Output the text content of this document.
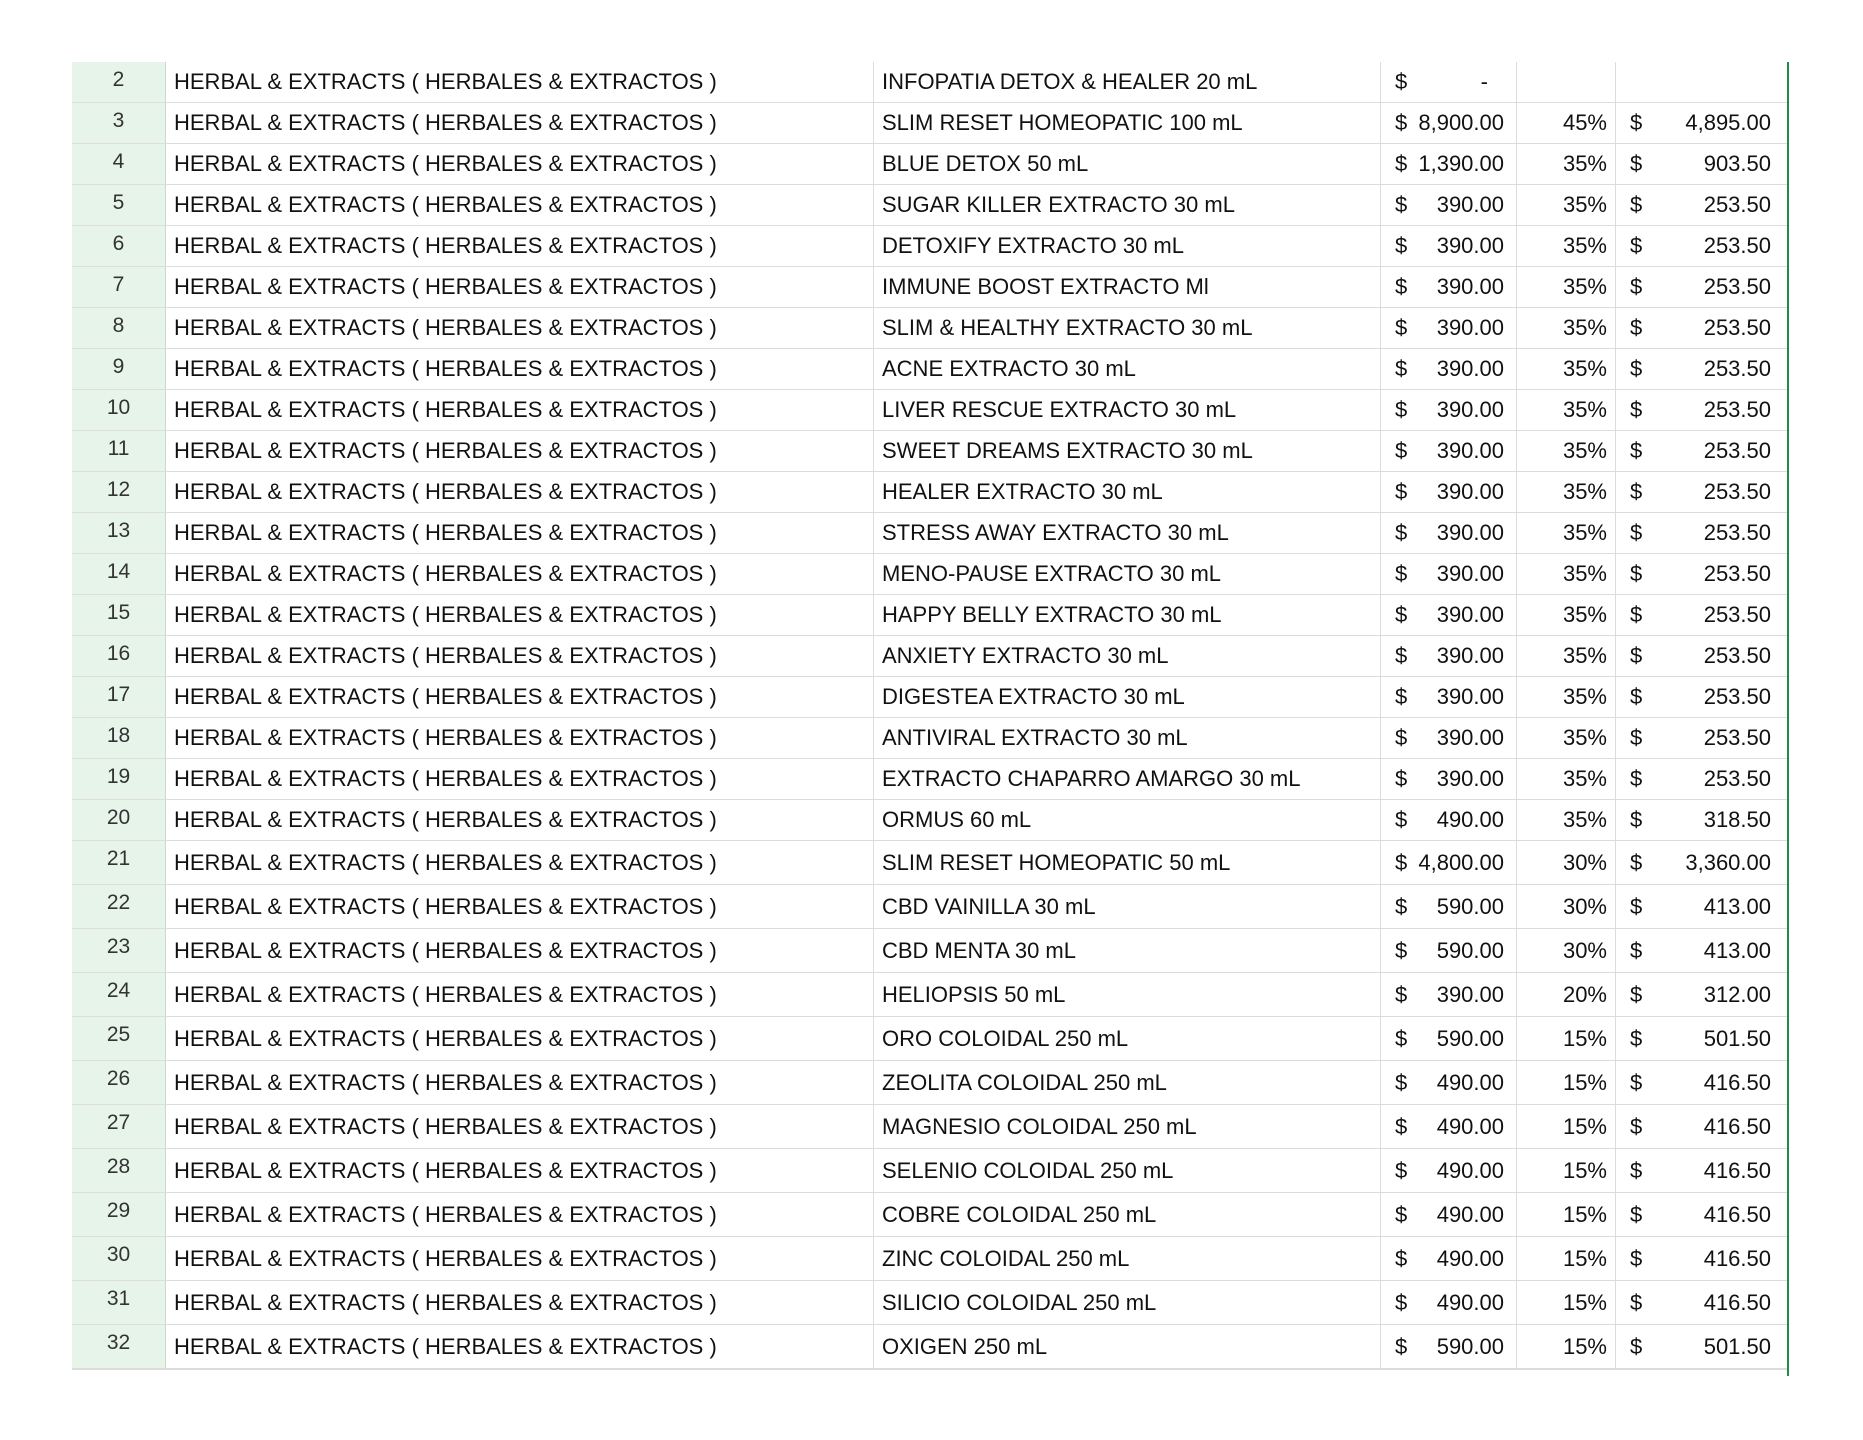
2	HERBAL & EXTRACTS ( HERBALES & EXTRACTOS )	INFOPATIA DETOX & HEALER 20 mL	$	-
3	HERBAL & EXTRACTS ( HERBALES & EXTRACTOS )	SLIM RESET HOMEOPATIC 100 mL	$ 8,900.00	45%	$ 4,895.00
4	HERBAL & EXTRACTS ( HERBALES & EXTRACTOS )	BLUE DETOX 50 mL	$ 1,390.00	35%	$	903.50
5	HERBAL & EXTRACTS ( HERBALES & EXTRACTOS )	SUGAR KILLER EXTRACTO 30 mL	$ 390.00	35%	$	253.50
6	HERBAL & EXTRACTS ( HERBALES & EXTRACTOS )	DETOXIFY EXTRACTO 30 mL	$ 390.00	35%	$	253.50
7	HERBAL & EXTRACTS ( HERBALES & EXTRACTOS )	IMMUNE BOOST EXTRACTO Ml	$ 390.00	35%	$	253.50
8	HERBAL & EXTRACTS ( HERBALES & EXTRACTOS )	SLIM & HEALTHY EXTRACTO 30 mL	$ 390.00	35%	$	253.50
9	HERBAL & EXTRACTS ( HERBALES & EXTRACTOS )	ACNE EXTRACTO 30 mL	$ 390.00	35%	$	253.50
10	HERBAL & EXTRACTS ( HERBALES & EXTRACTOS )	LIVER RESCUE EXTRACTO 30 mL	$ 390.00	35%	$	253.50
11	HERBAL & EXTRACTS ( HERBALES & EXTRACTOS )	SWEET DREAMS EXTRACTO 30 mL	$ 390.00	35%	$	253.50
12	HERBAL & EXTRACTS ( HERBALES & EXTRACTOS )	HEALER EXTRACTO 30 mL	$ 390.00	35%	$	253.50
13	HERBAL & EXTRACTS ( HERBALES & EXTRACTOS )	STRESS AWAY EXTRACTO 30 mL	$ 390.00	35%	$	253.50
14	HERBAL & EXTRACTS ( HERBALES & EXTRACTOS )	MENO-PAUSE EXTRACTO 30 mL	$ 390.00	35%	$	253.50
15	HERBAL & EXTRACTS ( HERBALES & EXTRACTOS )	HAPPY BELLY EXTRACTO 30 mL	$ 390.00	35%	$	253.50
16	HERBAL & EXTRACTS ( HERBALES & EXTRACTOS )	ANXIETY EXTRACTO 30 mL	$ 390.00	35%	$	253.50
17	HERBAL & EXTRACTS ( HERBALES & EXTRACTOS )	DIGESTEA EXTRACTO 30 mL	$ 390.00	35%	$	253.50
18	HERBAL & EXTRACTS ( HERBALES & EXTRACTOS )	ANTIVIRAL EXTRACTO 30 mL	$ 390.00	35%	$	253.50
19	HERBAL & EXTRACTS ( HERBALES & EXTRACTOS )	EXTRACTO CHAPARRO AMARGO 30 mL	$ 390.00	35%	$	253.50
20	HERBAL & EXTRACTS ( HERBALES & EXTRACTOS )	ORMUS 60 mL	$ 490.00	35%	$	318.50
21	HERBAL & EXTRACTS ( HERBALES & EXTRACTOS )	SLIM RESET HOMEOPATIC 50 mL	$ 4,800.00	30%	$ 3,360.00
22	HERBAL & EXTRACTS ( HERBALES & EXTRACTOS )	CBD VAINILLA 30 mL	$ 590.00	30%	$	413.00
23	HERBAL & EXTRACTS ( HERBALES & EXTRACTOS )	CBD MENTA 30 mL	$ 590.00	30%	$	413.00
24	HERBAL & EXTRACTS ( HERBALES & EXTRACTOS )	HELIOPSIS 50 mL	$ 390.00	20%	$	312.00
25	HERBAL & EXTRACTS ( HERBALES & EXTRACTOS )	ORO COLOIDAL 250 mL	$ 590.00	15%	$	501.50
26	HERBAL & EXTRACTS ( HERBALES & EXTRACTOS )	ZEOLITA COLOIDAL 250 mL	$ 490.00	15%	$	416.50
27	HERBAL & EXTRACTS ( HERBALES & EXTRACTOS )	MAGNESIO COLOIDAL 250 mL	$ 490.00	15%	$	416.50
28	HERBAL & EXTRACTS ( HERBALES & EXTRACTOS )	SELENIO COLOIDAL 250 mL	$ 490.00	15%	$	416.50
29	HERBAL & EXTRACTS ( HERBALES & EXTRACTOS )	COBRE COLOIDAL 250 mL	$ 490.00	15%	$	416.50
30	HERBAL & EXTRACTS ( HERBALES & EXTRACTOS )	ZINC COLOIDAL 250 mL	$ 490.00	15%	$	416.50
31	HERBAL & EXTRACTS ( HERBALES & EXTRACTOS )	SILICIO COLOIDAL 250 mL	$ 490.00	15%	$	416.50
32	HERBAL & EXTRACTS ( HERBALES & EXTRACTOS )	OXIGEN 250 mL	$ 590.00	15%	$	501.50
